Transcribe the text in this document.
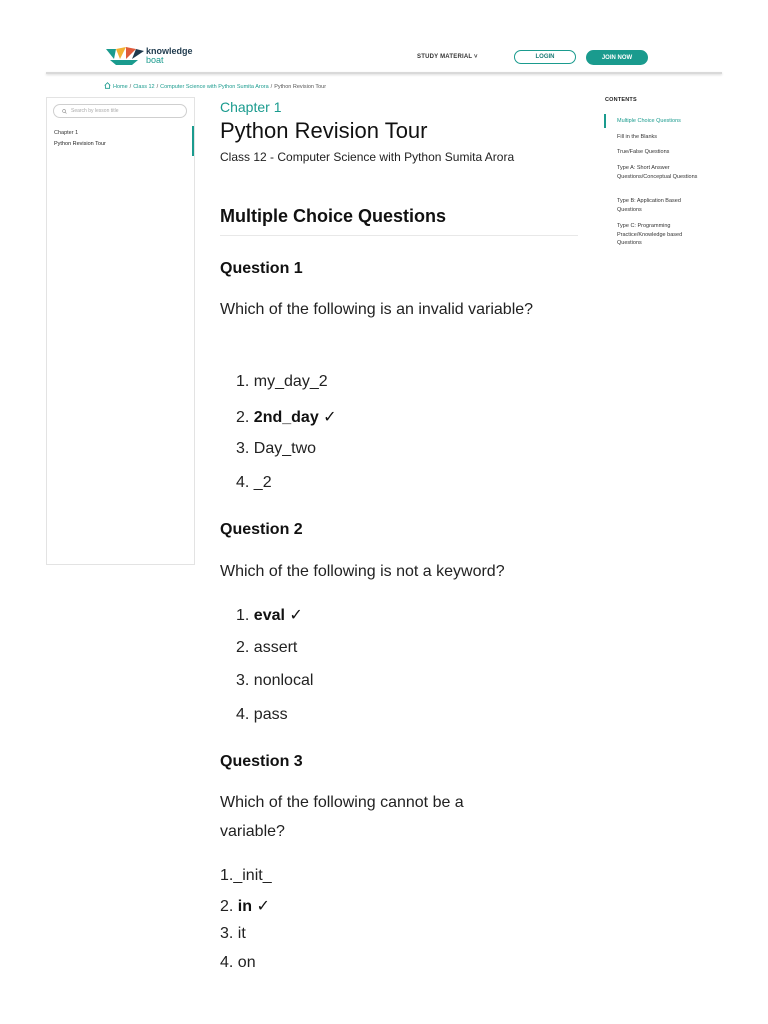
knowledge
boat	STUDY MATERIAL ˅	LOGIN	JOIN NOW
Home / Class 12 / Computer Science with Python Sumita Arora / Python Revision Tour
Search by lesson title
Chapter 1
Python Revision Tour
Chapter 1
Python Revision Tour
Class 12 - Computer Science with Python Sumita Arora
Multiple Choice Questions
Question 1
Which of the following is an invalid variable?
1. my_day_2
2. 2nd_day ✓
3. Day_two
4. _2
Question 2
Which of the following is not a keyword?
1. eval ✓
2. assert
3. nonlocal
4. pass
Question 3
Which of the following cannot be a variable?
1._init_
2. in ✓
3. it
4. on
CONTENTS
Multiple Choice Questions
Fill in the Blanks
True/False Questions
Type A: Short Answer Questions/Conceptual Questions
Type B: Application Based Questions
Type C: Programming Practice/Knowledge based Questions
